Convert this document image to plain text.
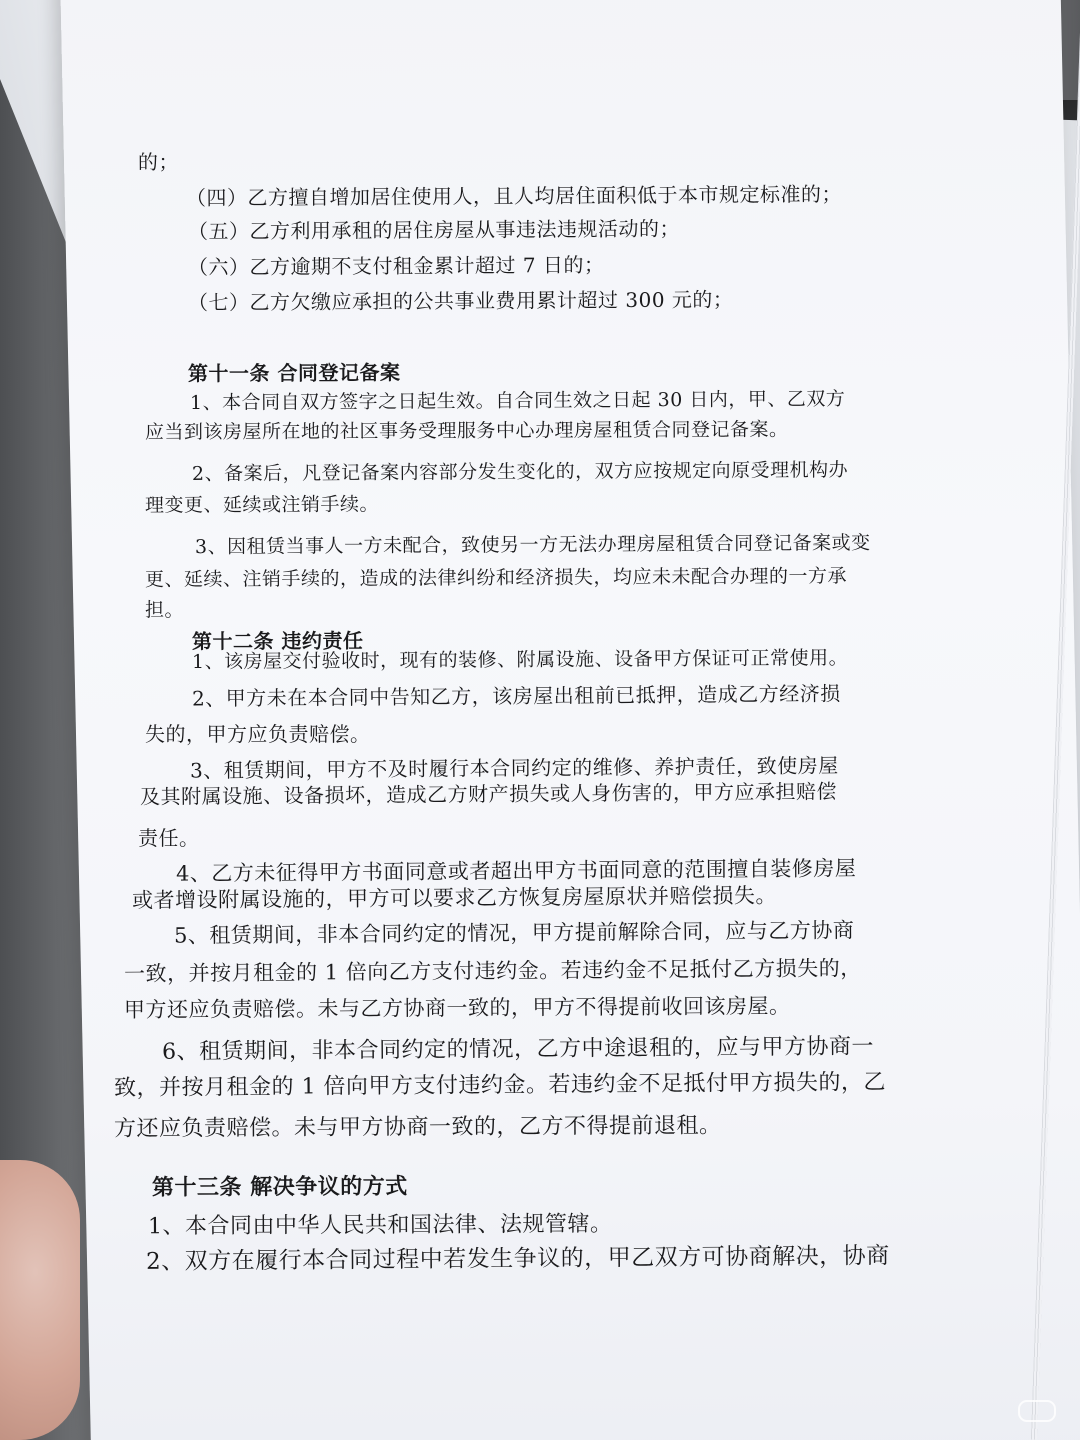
的；
（四）乙方擅自增加居住使用人，且人均居住面积低于本市规定标准的；
（五）乙方利用承租的居住房屋从事违法违规活动的；
（六）乙方逾期不支付租金累计超过 7 日的；
（七）乙方欠缴应承担的公共事业费用累计超过 300 元的；
第十一条 合同登记备案
1、本合同自双方签字之日起生效。自合同生效之日起 30 日内，甲、乙双方
应当到该房屋所在地的社区事务受理服务中心办理房屋租赁合同登记备案。
2、备案后，凡登记备案内容部分发生变化的，双方应按规定向原受理机构办
理变更、延续或注销手续。
3、因租赁当事人一方未配合，致使另一方无法办理房屋租赁合同登记备案或变
更、延续、注销手续的，造成的法律纠纷和经济损失，均应未未配合办理的一方承
担。
第十二条 违约责任
1、该房屋交付验收时，现有的装修、附属设施、设备甲方保证可正常使用。
2、甲方未在本合同中告知乙方，该房屋出租前已抵押，造成乙方经济损
失的，甲方应负责赔偿。
3、租赁期间，甲方不及时履行本合同约定的维修、养护责任，致使房屋
及其附属设施、设备损坏，造成乙方财产损失或人身伤害的，甲方应承担赔偿
责任。
4、乙方未征得甲方书面同意或者超出甲方书面同意的范围擅自装修房屋
或者增设附属设施的，甲方可以要求乙方恢复房屋原状并赔偿损失。
5、租赁期间，非本合同约定的情况，甲方提前解除合同，应与乙方协商
一致，并按月租金的 1 倍向乙方支付违约金。若违约金不足抵付乙方损失的，
甲方还应负责赔偿。未与乙方协商一致的，甲方不得提前收回该房屋。
6、租赁期间，非本合同约定的情况，乙方中途退租的，应与甲方协商一
致，并按月租金的 1 倍向甲方支付违约金。若违约金不足抵付甲方损失的，乙
方还应负责赔偿。未与甲方协商一致的，乙方不得提前退租。
第十三条 解决争议的方式
1、本合同由中华人民共和国法律、法规管辖。
2、双方在履行本合同过程中若发生争议的，甲乙双方可协商解决，协商
